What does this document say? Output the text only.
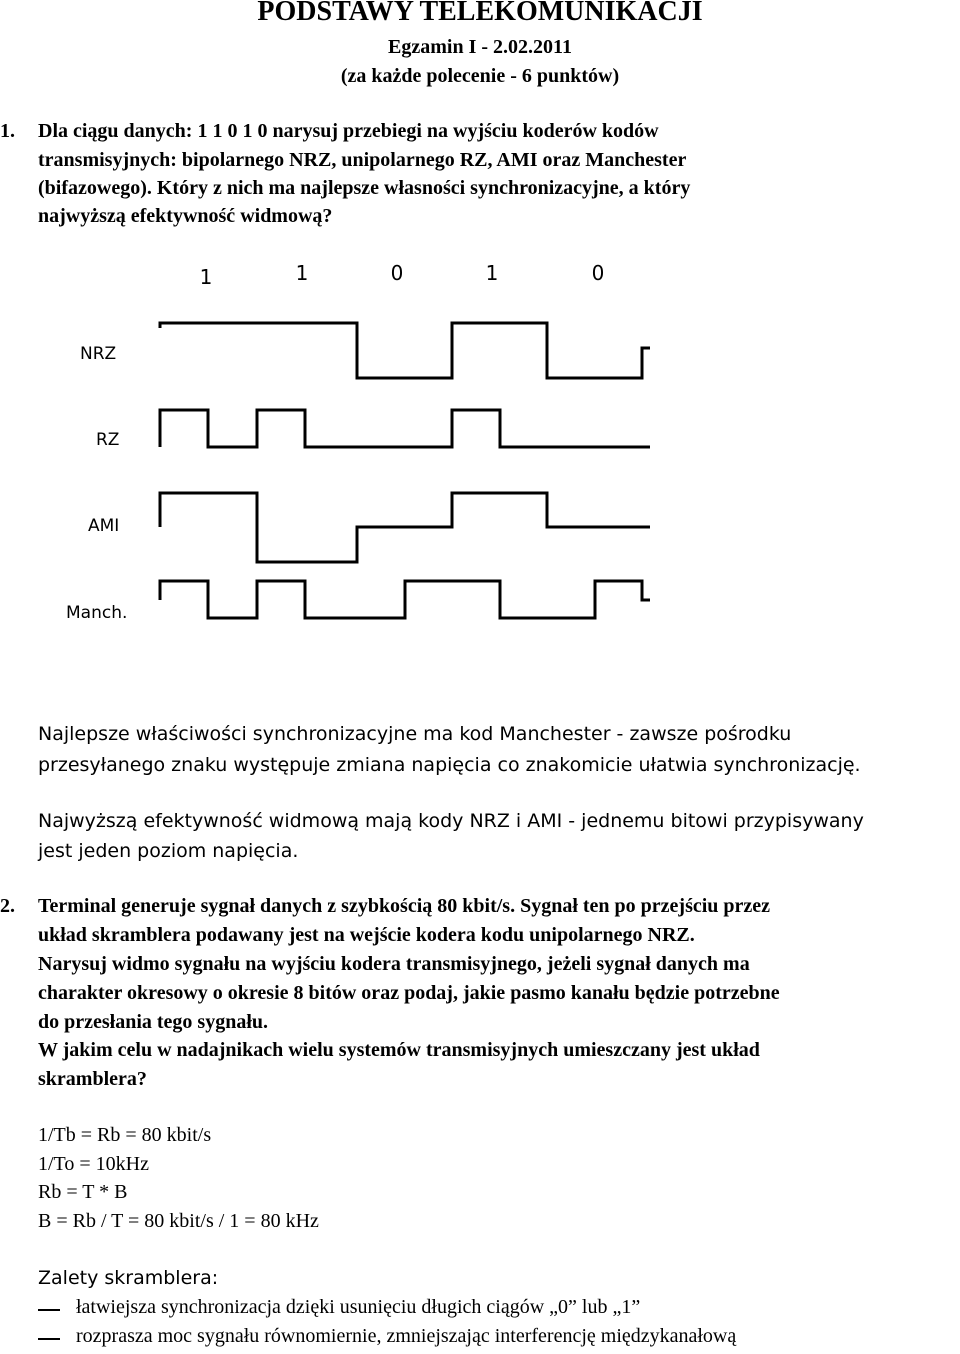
PODSTAWY TELEKOMUNIKACJI
Egzamin I - 2.02.2011
(za każde polecenie - 6 punktów)
1. Dla ciągu danych: 1 1 0 1 0 narysuj przebiegi na wyjściu koderów kodów
transmisyjnych: bipolarnego NRZ, unipolarnego RZ, AMI oraz Manchester
(bifazowego). Który z nich ma najlepsze własności synchronizacyjne, a który
najwyższą efektywność widmową?
1	1	0	1	0
NRZ
RZ
AMI
Manch.
Najlepsze właściwości synchronizacyjne ma kod Manchester - zawsze pośrodku
przesyłanego znaku występuje zmiana napięcia co znakomicie ułatwia synchronizację.
Najwyższą efektywność widmową mają kody NRZ i AMI - jednemu bitowi przypisywany
jest jeden poziom napięcia.
2. Terminal generuje sygnał danych z szybkością 80 kbit/s. Sygnał ten po przejściu przez
układ skramblera podawany jest na wejście kodera kodu unipolarnego NRZ.
Narysuj widmo sygnału na wyjściu kodera transmisyjnego, jeżeli sygnał danych ma
charakter okresowy o okresie 8 bitów oraz podaj, jakie pasmo kanału będzie potrzebne
do przesłania tego sygnału.
W jakim celu w nadajnikach wielu systemów transmisyjnych umieszczany jest układ
skramblera?
1/Tb = Rb = 80 kbit/s
1/To = 10kHz
Rb = T * B
B = Rb / T = 80 kbit/s / 1 = 80 kHz
Zalety skramblera:
łatwiejsza synchronizacja dzięki usunięciu długich ciągów „0” lub „1”
rozprasza moc sygnału równomiernie, zmniejszając interferencję międzykanałową
